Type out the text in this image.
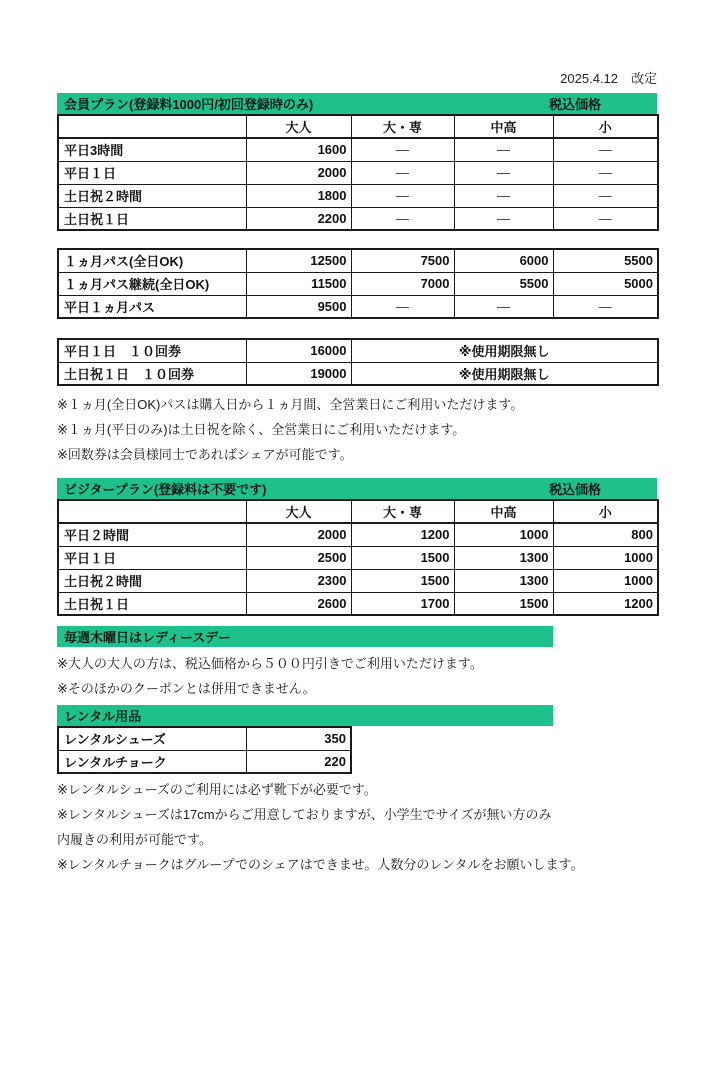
2025.4.12　改定
会員プラン(登録料1000円/初回登録時のみ)	税込価格
	大人	大・専	中高	小
平日3時間	1600	―	―	―
平日１日	2000	―	―	―
土日祝２時間	1800	―	―	―
土日祝１日	2200	―	―	―
１ヵ月パス(全日OK)	12500	7500	6000	5500
１ヵ月パス継続(全日OK)	11500	7000	5500	5000
平日１ヵ月パス	9500	―	―	―
平日１日　１０回券	16000	※使用期限無し
土日祝１日　１０回券	19000	※使用期限無し

※１ヵ月(全日OK)パスは購入日から１ヵ月間、全営業日にご利用いただけます。

※１ヵ月(平日のみ)は土日祝を除く、全営業日にご利用いただけます。

※回数券は会員様同士であればシェアが可能です。

ビジタープラン(登録料は不要です)	税込価格
	大人	大・専	中高	小
平日２時間	2000	1200	1000	800
平日１日	2500	1500	1300	1000
土日祝２時間	2300	1500	1300	1000
土日祝１日	2600	1700	1500	1200
毎週木曜日はレディースデー

※大人の大人の方は、税込価格から５００円引きでご利用いただけます。

※そのほかのクーポンとは併用できません。

レンタル用品
レンタルシューズ	350
レンタルチョーク	220

※レンタルシューズのご利用には必ず靴下が必要です。

※レンタルシューズは17cmからご用意しておりますが、小学生でサイズが無い方のみ

内履きの利用が可能です。

※レンタルチョークはグループでのシェアはできませ。人数分のレンタルをお願いします。
